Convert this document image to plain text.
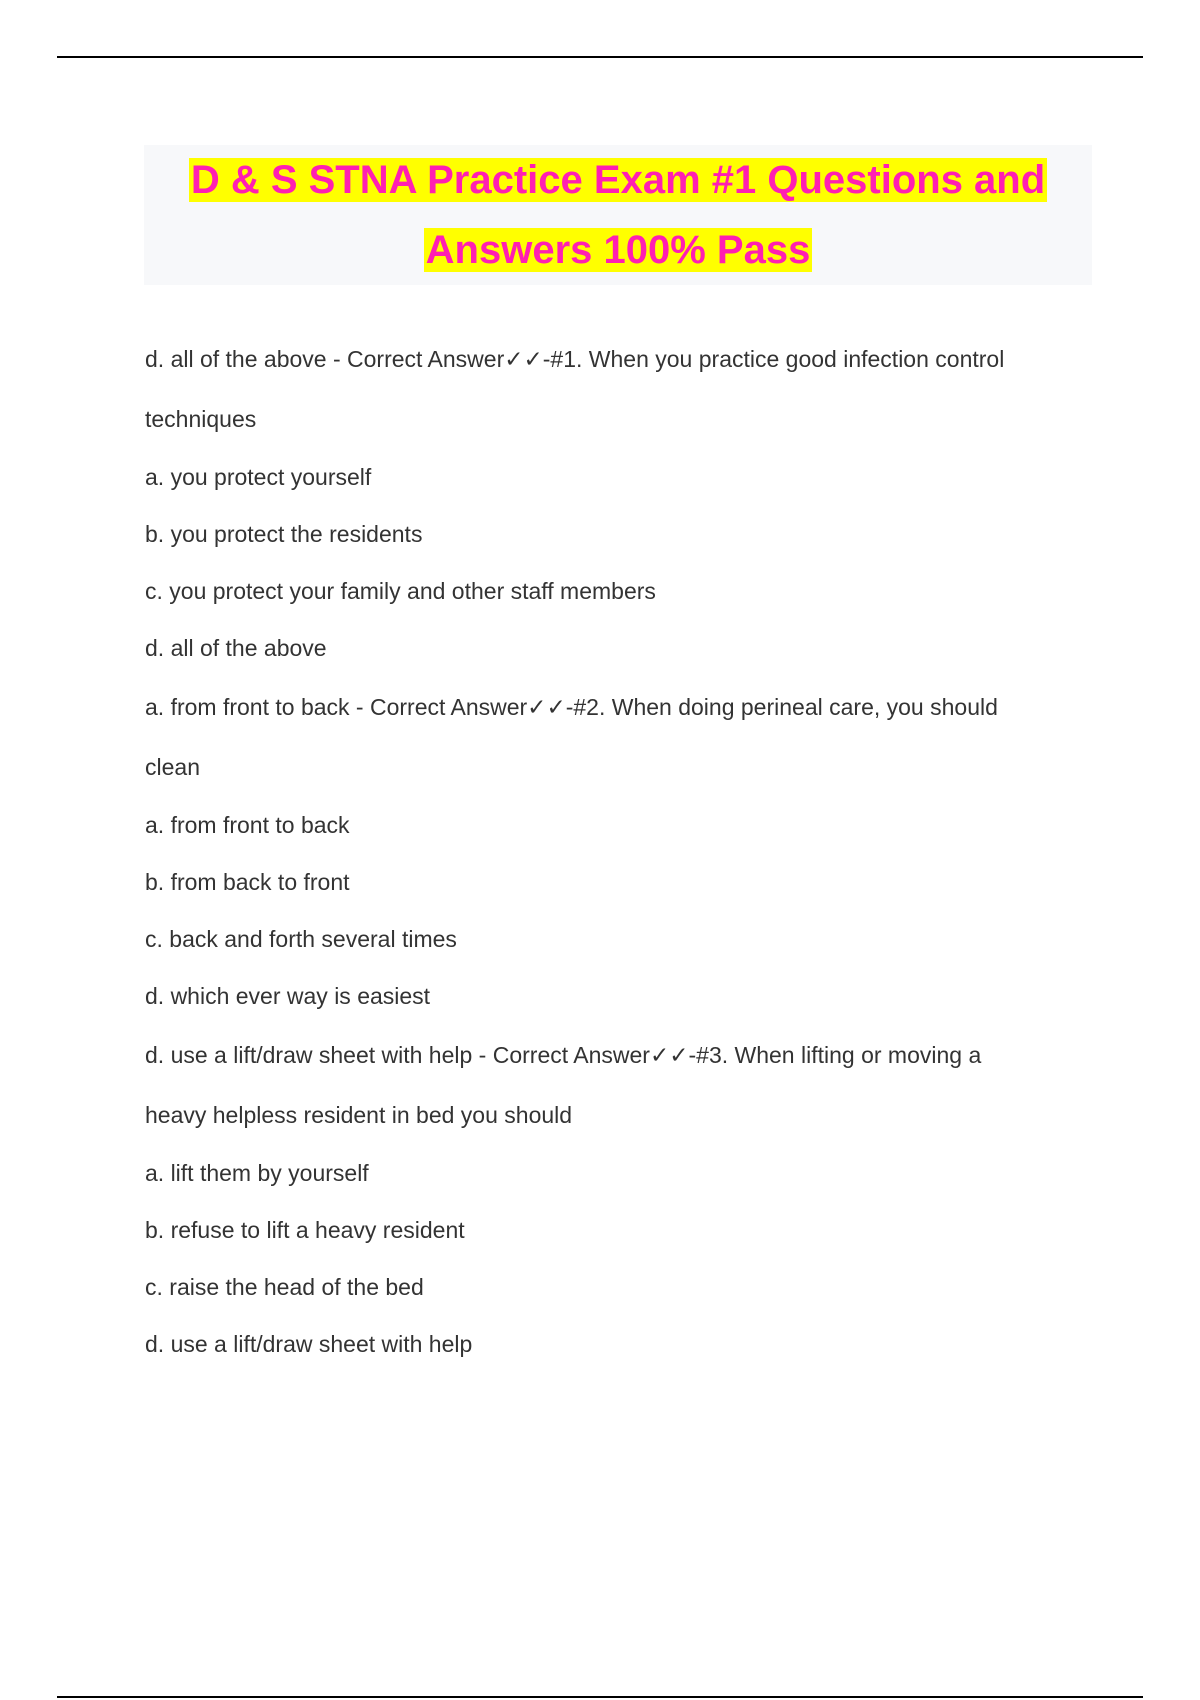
D & S STNA Practice Exam #1 Questions and
Answers 100% Pass
d. all of the above - Correct Answer✓✓-#1. When you practice good infection control
techniques
a. you protect yourself
b. you protect the residents
c. you protect your family and other staff members
d. all of the above
a. from front to back - Correct Answer✓✓-#2. When doing perineal care, you should
clean
a. from front to back
b. from back to front
c. back and forth several times
d. which ever way is easiest
d. use a lift/draw sheet with help - Correct Answer✓✓-#3. When lifting or moving a
heavy helpless resident in bed you should
a. lift them by yourself
b. refuse to lift a heavy resident
c. raise the head of the bed
d. use a lift/draw sheet with help
